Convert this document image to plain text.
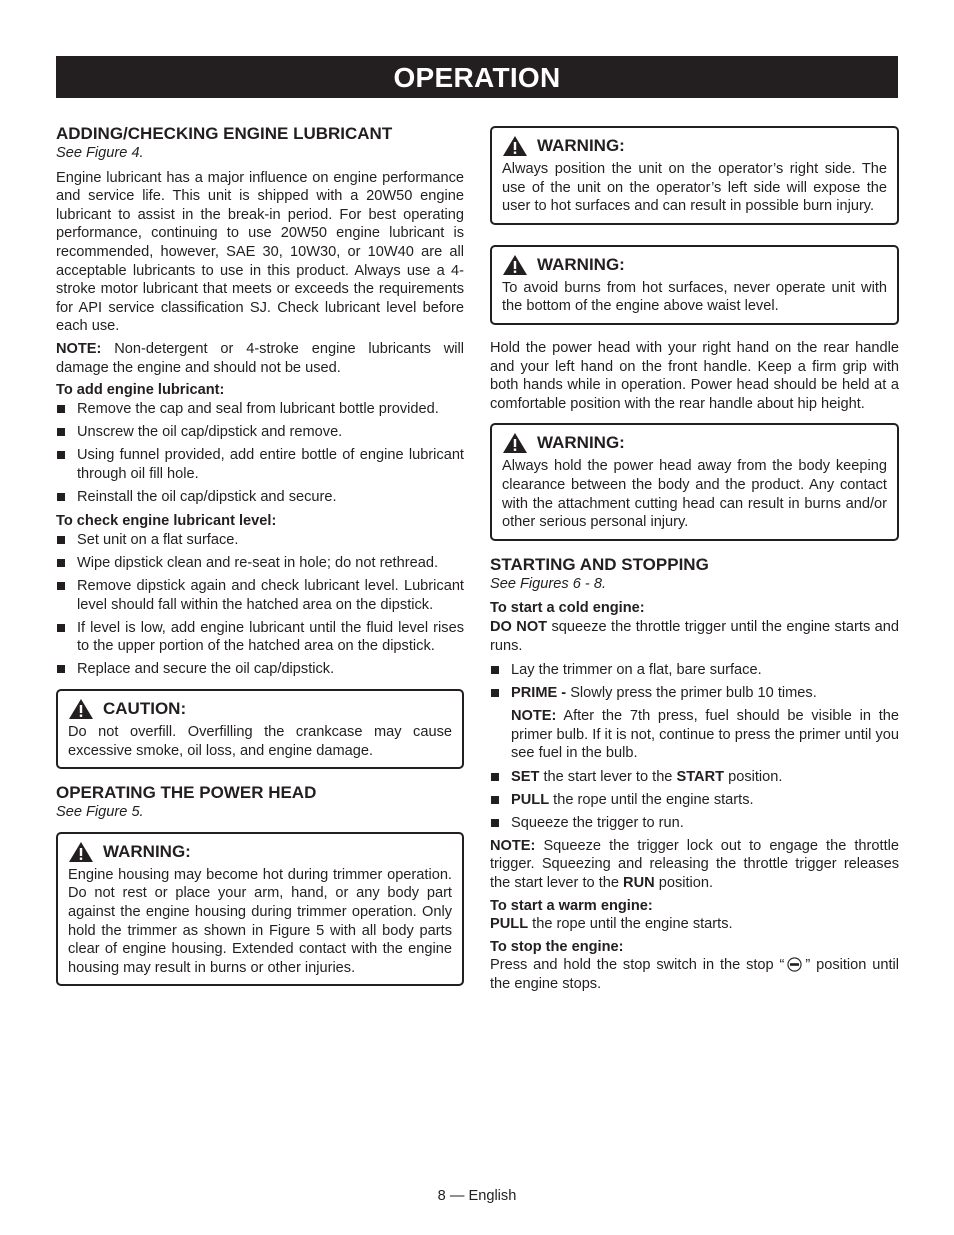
OPERATION
ADDING/CHECKING ENGINE LUBRICANT
See Figure 4.

Engine lubricant has a major influence on engine performance and service life. This unit is shipped with a 20W50 engine lubricant to assist in the break-in period. For best operating performance, continuing to use 20W50 engine lubricant is recommended, however, SAE 30, 10W30, or 10W40 are all acceptable lubricants to use in this product. Always use a 4-stroke motor lubricant that meets or exceeds the requirements for API service classification SJ. Check lubricant level before each use.

NOTE: Non-detergent or 4-stroke engine lubricants will damage the engine and should not be used.

To add engine lubricant:
Remove the cap and seal from lubricant bottle provided.
Unscrew the oil cap/dipstick and remove.
Using funnel provided, add entire bottle of engine lubricant through oil fill hole.
Reinstall the oil cap/dipstick and secure.
To check engine lubricant level:
Set unit on a flat surface.
Wipe dipstick clean and re-seat in hole; do not rethread.
Remove dipstick again and check lubricant level. Lubricant level should fall within the hatched area on the dipstick.
If level is low, add engine lubricant until the fluid level rises to the upper portion of the hatched area on the dipstick.
Replace and secure the oil cap/dipstick.
CAUTION:

Do not overfill. Overfilling the crankcase may cause excessive smoke, oil loss, and engine damage.

OPERATING THE POWER HEAD
See Figure 5.
WARNING:

Engine housing may become hot during trimmer operation. Do not rest or place your arm, hand, or any body part against the engine housing during trimmer operation. Only hold the trimmer as shown in Figure 5 with all body parts clear of engine housing. Extended contact with the engine housing may result in burns or other injuries.

WARNING:

Always position the unit on the operator’s right side. The use of the unit on the operator’s left side will expose the user to hot surfaces and can result in possible burn injury.

WARNING:

To avoid burns from hot surfaces, never operate unit with the bottom of the engine above waist level.

Hold the power head with your right hand on the rear handle and your left hand on the front handle. Keep a firm grip with both hands while in operation. Power head should be held at a comfortable position with the rear handle about hip height.

WARNING:

Always hold the power head away from the body keeping clearance between the body and the product. Any contact with the attachment cutting head can result in burns and/or other serious personal injury.

STARTING AND STOPPING
See Figures 6 - 8.
To start a cold engine:

DO NOT squeeze the throttle trigger until the engine starts and runs.

Lay the trimmer on a flat, bare surface.
PRIME - Slowly press the primer bulb 10 times.
NOTE: After the 7th press, fuel should be visible in the primer bulb. If it is not, continue to press the primer until you see fuel in the bulb.
SET the start lever to the START position.
PULL the rope until the engine starts.
Squeeze the trigger to run.

NOTE: Squeeze the trigger lock out to engage the throttle trigger. Squeezing and releasing the throttle trigger releases the start lever to the RUN position.

To start a warm engine:

PULL the rope until the engine starts.

To stop the engine:

Press and hold the stop switch in the stop “ ” position until the engine stops.

8 — English
